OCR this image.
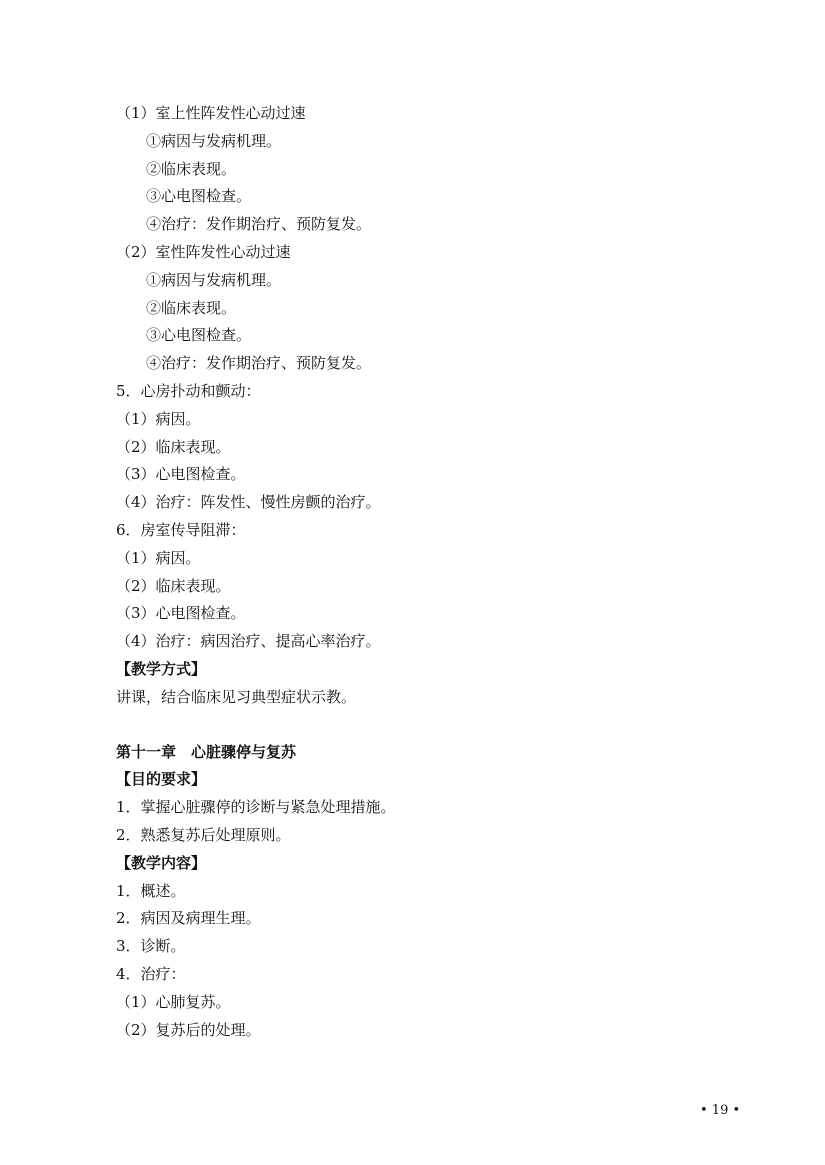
（1）室上性阵发性心动过速
①病因与发病机理。
②临床表现。
③心电图检查。
④治疗：发作期治疗、预防复发。
（2）室性阵发性心动过速
①病因与发病机理。
②临床表现。
③心电图检查。
④治疗：发作期治疗、预防复发。
5．心房扑动和颤动：
（1）病因。
（2）临床表现。
（3）心电图检查。
（4）治疗：阵发性、慢性房颤的治疗。
6．房室传导阻滞：
（1）病因。
（2）临床表现。
（3）心电图检查。
（4）治疗：病因治疗、提高心率治疗。
【教学方式】
讲课，结合临床见习典型症状示教。
第十一章　心脏骤停与复苏
【目的要求】
1．掌握心脏骤停的诊断与紧急处理措施。
2．熟悉复苏后处理原则。
【教学内容】
1．概述。
2．病因及病理生理。
3．诊断。
4．治疗：
（1）心肺复苏。
（2）复苏后的处理。
• 19 •
